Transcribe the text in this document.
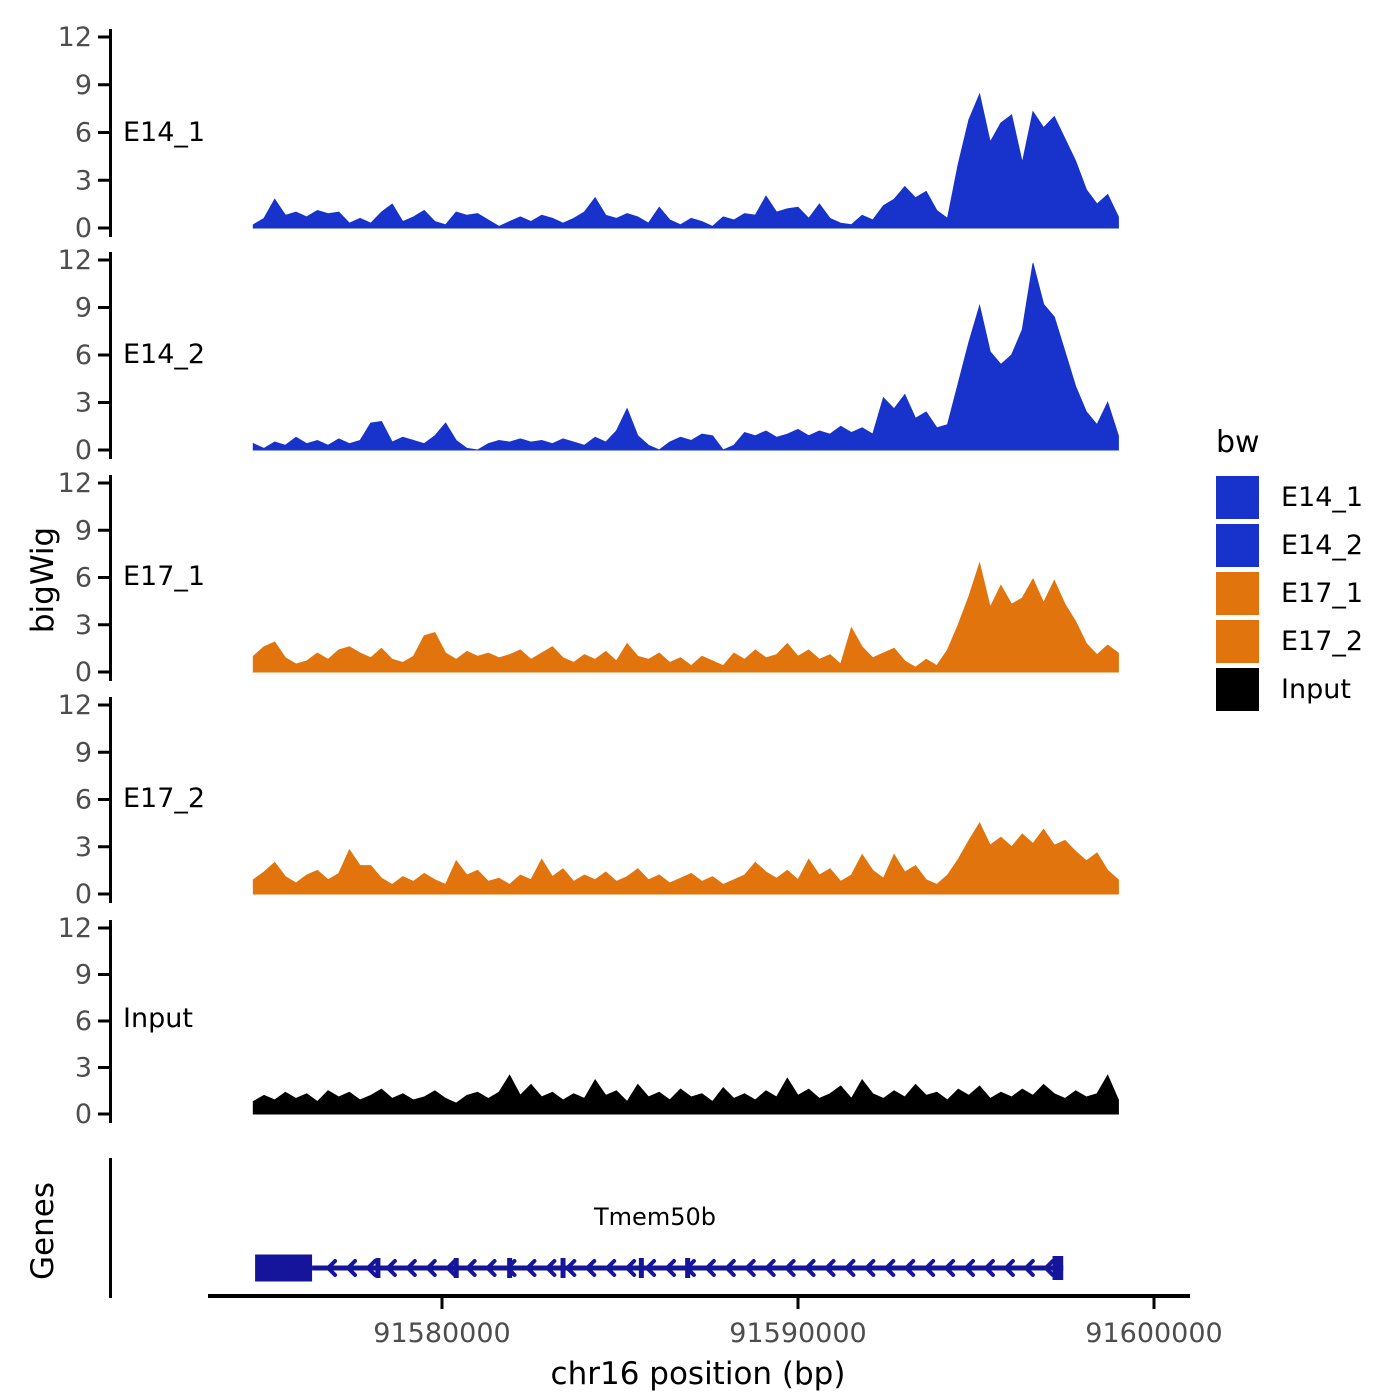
0
3
6
9
12
0
3
6
9
12
0
3
6
9
12
0
3
6
9
12
0
3
6
9
12
91580000	91590000	91600000
bigWig
Genes
E14_1
E14_2
E17_1
E17_2
Input
Tmem50b
chr16 position (bp)
bw
E14_1
E14_2
E17_1
E17_2
Input
